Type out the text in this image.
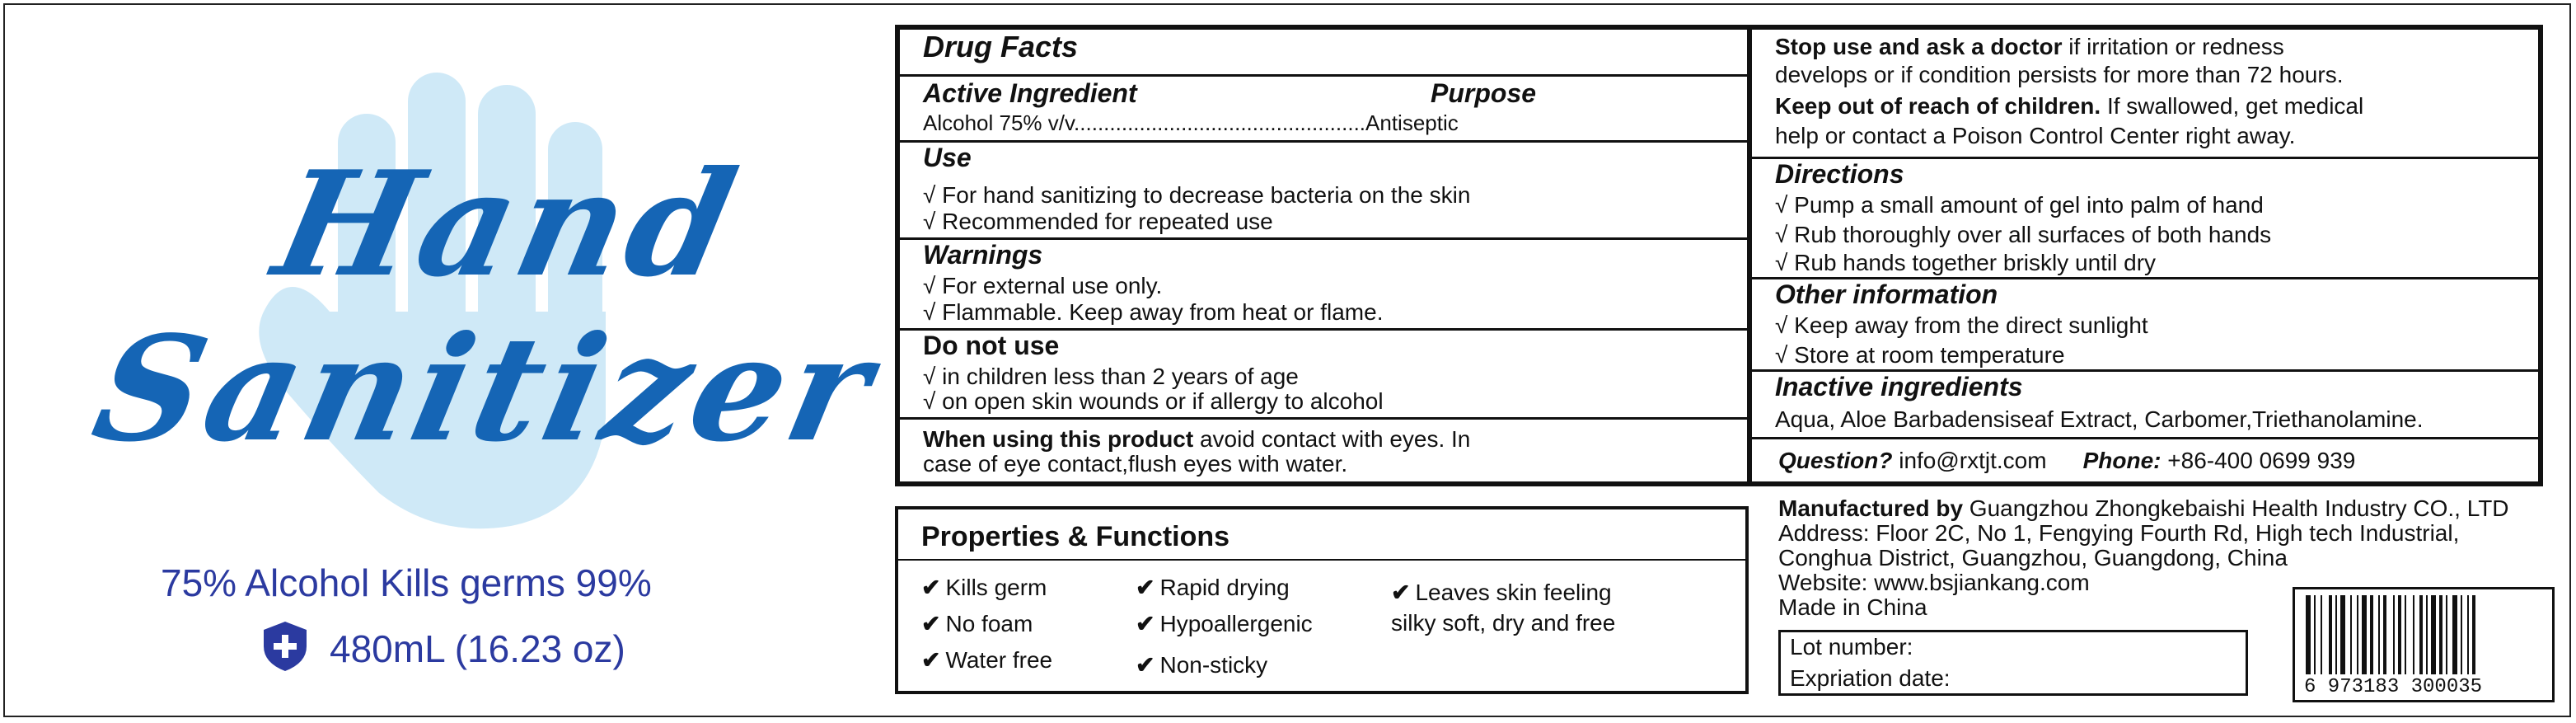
Hand
Sanitizer
75% Alcohol Kills germs 99%
480mL (16.23 oz)
Drug Facts
Active Ingredient	Purpose
Alcohol 75% v/v.................................................Antiseptic
Use
√ For hand sanitizing to decrease bacteria on the skin
√ Recommended for repeated use
Warnings
√ For external use only.
√ Flammable. Keep away from heat or flame.
Do not use
√ in children less than 2 years of age
√ on open skin wounds or if allergy to alcohol
When using this product avoid contact with eyes. In
case of eye contact,flush eyes with water.
Stop use and ask a doctor if irritation or redness
develops or if condition persists for more than 72 hours.
Keep out of reach of children. If swallowed, get medical
help or contact a Poison Control Center right away.
Directions
√ Pump a small amount of gel into palm of hand
√ Rub thoroughly over all surfaces of both hands
√ Rub hands together briskly until dry
Other information
√ Keep away from the direct sunlight
√ Store at room temperature
Inactive ingredients
Aqua, Aloe Barbadensiseaf Extract, Carbomer,Triethanolamine.
Question? info@rxtjt.com Phone: +86-400 0699 939
Properties & Functions
✔ Kills germ
✔ No foam
✔ Water free
✔ Rapid drying
✔ Hypoallergenic
✔ Non-sticky
✔ Leaves skin feeling
silky soft, dry and free
Manufactured by Guangzhou Zhongkebaishi Health Industry CO., LTD
Address: Floor 2C, No 1, Fengying Fourth Rd, High tech Industrial,
Conghua District, Guangzhou, Guangdong, China
Website: www.bsjiankang.com
Made in China
Lot number:
Expriation date:	6 973183 300035
